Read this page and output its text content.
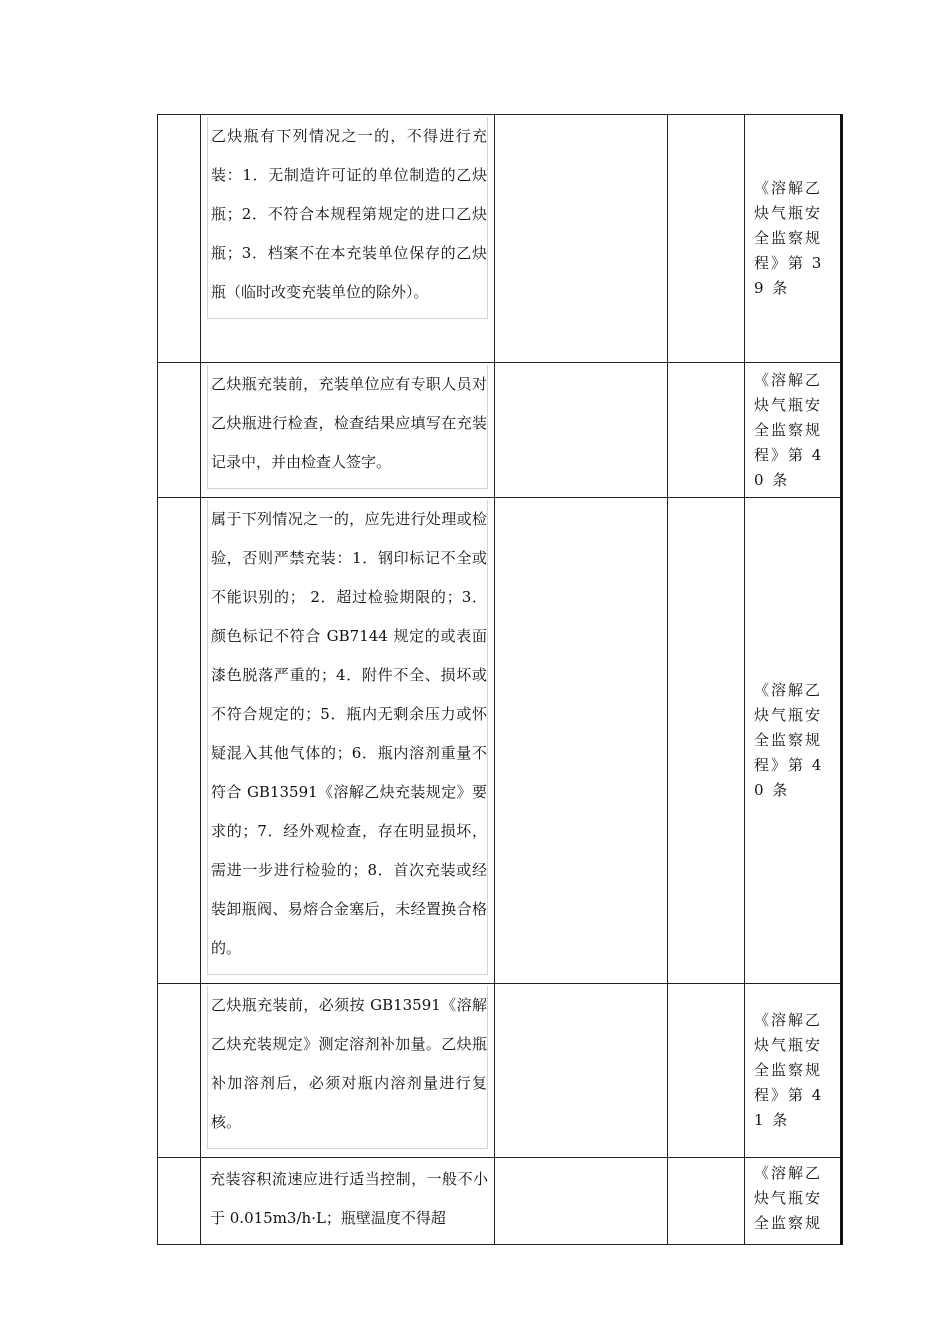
	乙炔瓶有下列情况之一的，不得进行充装：1．无制造许可证的单位制造的乙炔瓶；2．不符合本规程第规定的进口乙炔瓶；3．档案不在本充装单位保存的乙炔瓶（临时改变充装单位的除外）。			《溶解乙炔气瓶安全监察规程》第 39 条

	乙炔瓶充装前，充装单位应有专职人员对乙炔瓶进行检查，检查结果应填写在充装记录中，并由检查人签字。			《溶解乙炔气瓶安全监察规程》第 40 条

	属于下列情况之一的，应先进行处理或检验，否则严禁充装：1．钢印标记不全或不能识别的； 2．超过检验期限的；3．颜色标记不符合 GB7144 规定的或表面漆色脱落严重的；4．附件不全、损坏或不符合规定的；5．瓶内无剩余压力或怀疑混入其他气体的；6．瓶内溶剂重量不符合 GB13591《溶解乙炔充装规定》要求的；7．经外观检查，存在明显损坏，需进一步进行检验的；8．首次充装或经装卸瓶阀、易熔合金塞后，未经置换合格的。			《溶解乙炔气瓶安全监察规程》第 40 条

	乙炔瓶充装前，必须按 GB13591《溶解乙炔充装规定》测定溶剂补加量。乙炔瓶补加溶剂后，必须对瓶内溶剂量进行复核。			《溶解乙炔气瓶安全监察规程》第 41 条

	充装容积流速应进行适当控制，一般不小于 0.015m3/h·L；瓶壁温度不得超			《溶解乙炔气瓶安全监察规
